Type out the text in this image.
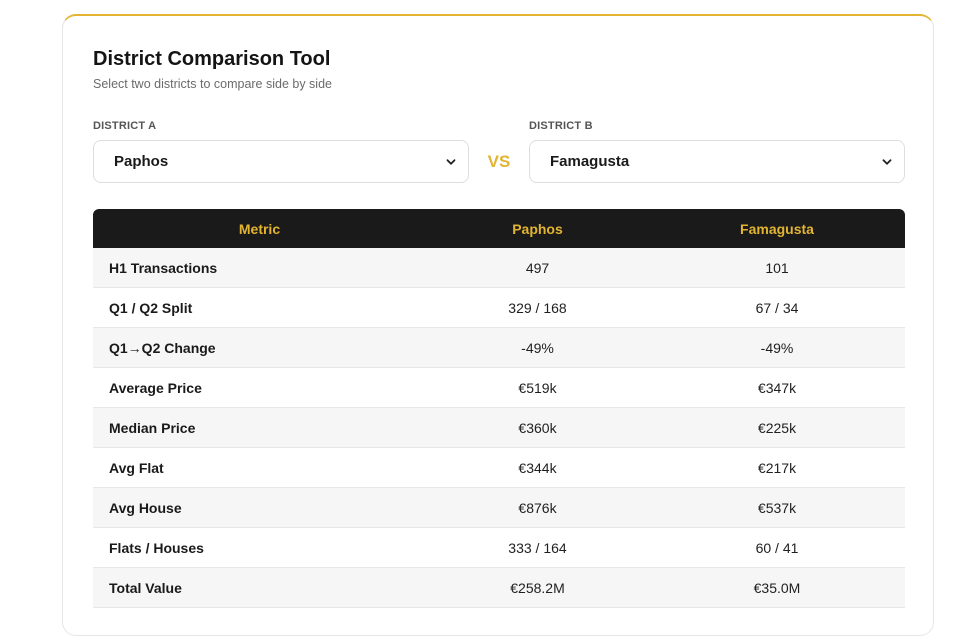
District Comparison Tool
Select two districts to compare side by side
DISTRICT A
Paphos	VS
DISTRICT B
Famagusta
Metric	Paphos	Famagusta
H1 Transactions	497	101
Q1 / Q2 Split	329 / 168	67 / 34
Q1→Q2 Change	-49%	-49%
Average Price	€519k	€347k
Median Price	€360k	€225k
Avg Flat	€344k	€217k
Avg House	€876k	€537k
Flats / Houses	333 / 164	60 / 41
Total Value	€258.2M	€35.0M
